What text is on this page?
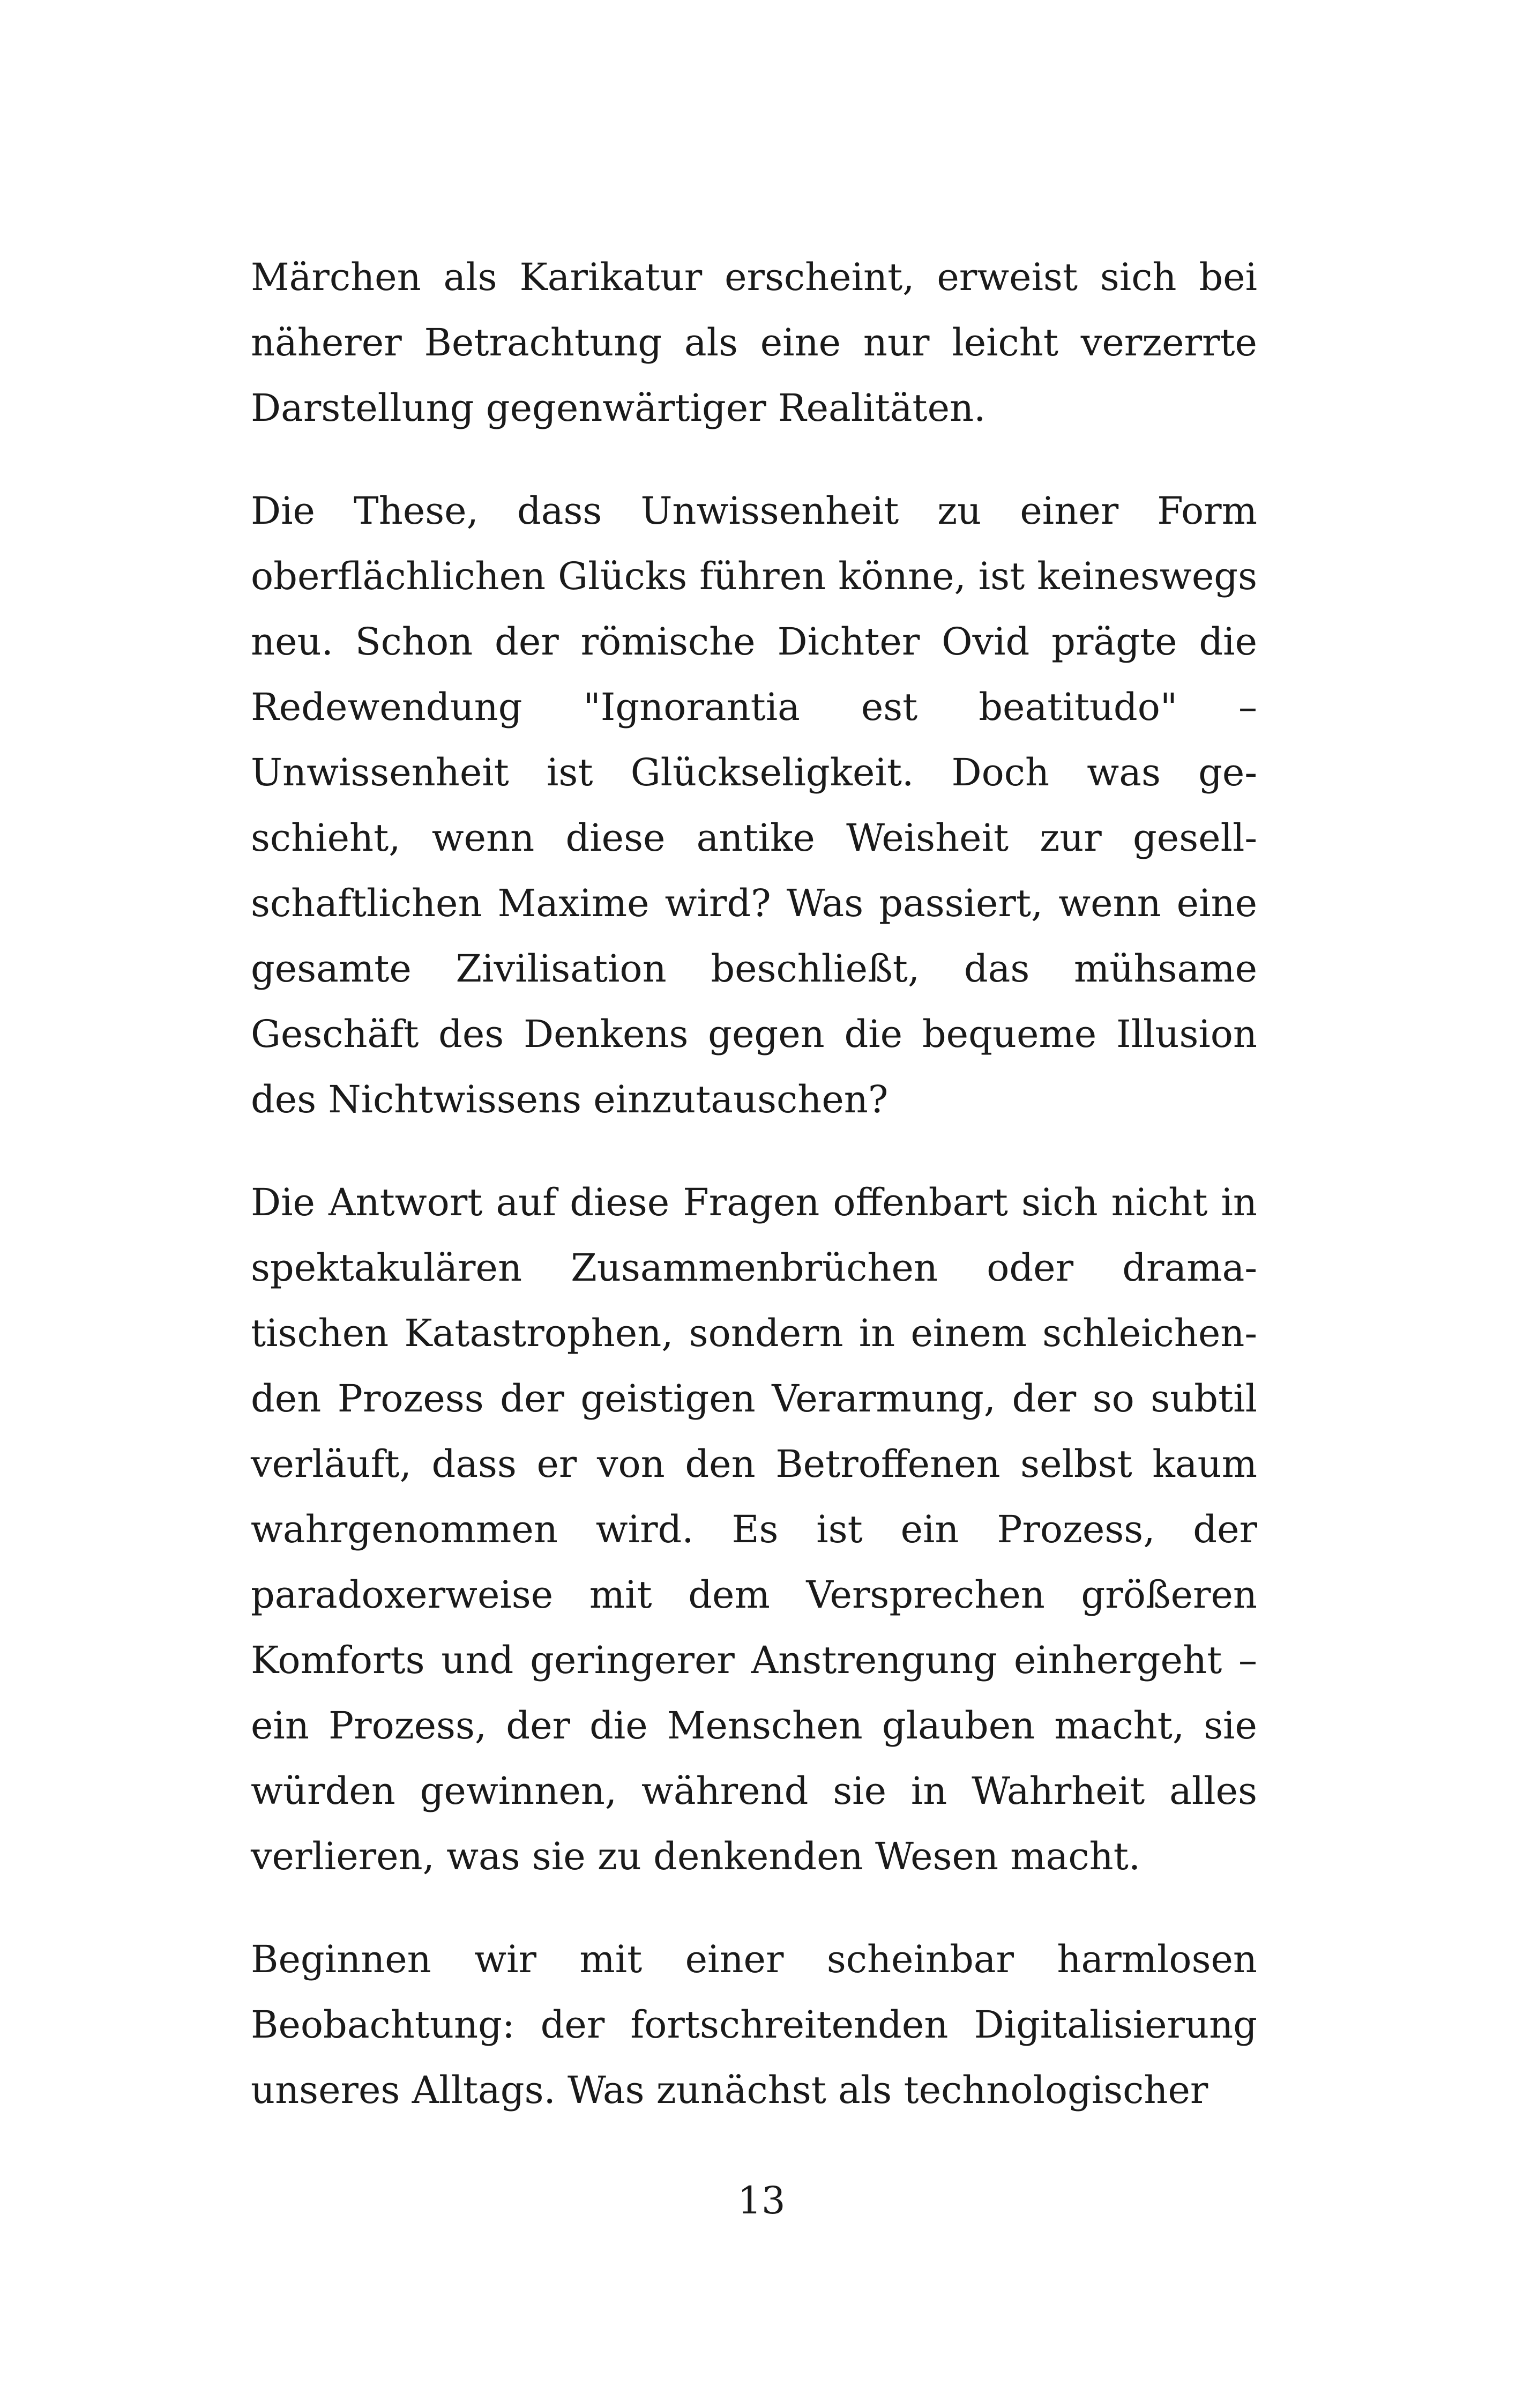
Märchen als Karikatur erscheint, erweist sich bei näherer Betrachtung als eine nur leicht verzerrte Darstellung gegenwärtiger Realitäten.

Die These, dass Unwissenheit zu einer Form oberflächlichen Glücks führen könne, ist keineswegs neu. Schon der römische Dichter Ovid prägte die Redewendung "Ignorantia est beatitudo" – Unwissenheit ist Glückseligkeit. Doch was geschieht, wenn diese antike Weisheit zur gesellschaftlichen Maxime wird? Was passiert, wenn eine gesamte Zivilisation beschließt, das mühsame Geschäft des Denkens gegen die bequeme Illusion des Nichtwissens einzutauschen?

Die Antwort auf diese Fragen offenbart sich nicht in spektakulären Zusammenbrüchen oder dramatischen Katastrophen, sondern in einem schleichenden Prozess der geistigen Verarmung, der so subtil verläuft, dass er von den Betroffenen selbst kaum wahrgenommen wird. Es ist ein Prozess, der paradoxerweise mit dem Versprechen größeren Komforts und geringerer Anstrengung einhergeht – ein Prozess, der die Menschen glauben macht, sie würden gewinnen, während sie in Wahrheit alles verlieren, was sie zu denkenden Wesen macht.

Beginnen wir mit einer scheinbar harmlosen Beobachtung: der fortschreitenden Digitalisierung unseres Alltags. Was zunächst als technologischer

13
